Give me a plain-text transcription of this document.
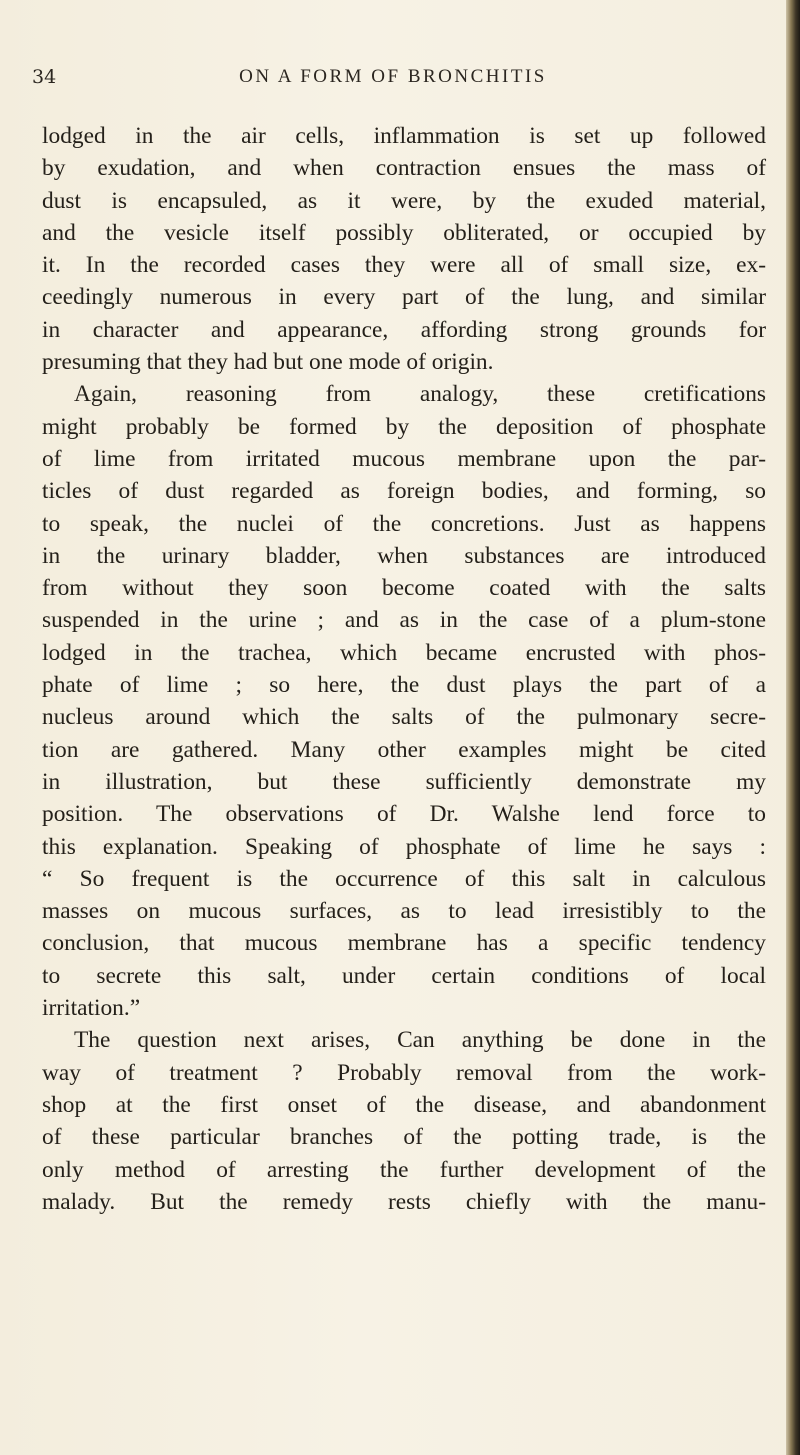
34	ON A FORM OF BRONCHITIS
lodged in the air cells, inflammation is set up followed
by exudation, and when contraction ensues the mass of
dust is encapsuled, as it were, by the exuded material,
and the vesicle itself possibly obliterated, or occupied by
it. In the recorded cases they were all of small size, ex-
ceedingly numerous in every part of the lung, and similar
in character and appearance, affording strong grounds for
presuming that they had but one mode of origin.
Again, reasoning from analogy, these cretifications
might probably be formed by the deposition of phosphate
of lime from irritated mucous membrane upon the par-
ticles of dust regarded as foreign bodies, and forming, so
to speak, the nuclei of the concretions. Just as happens
in the urinary bladder, when substances are introduced
from without they soon become coated with the salts
suspended in the urine ; and as in the case of a plum-stone
lodged in the trachea, which became encrusted with phos-
phate of lime ; so here, the dust plays the part of a
nucleus around which the salts of the pulmonary secre-
tion are gathered. Many other examples might be cited
in illustration, but these sufficiently demonstrate my
position. The observations of Dr. Walshe lend force to
this explanation. Speaking of phosphate of lime he says :
“ So frequent is the occurrence of this salt in calculous
masses on mucous surfaces, as to lead irresistibly to the
conclusion, that mucous membrane has a specific tendency
to secrete this salt, under certain conditions of local
irritation.”
The question next arises, Can anything be done in the
way of treatment ? Probably removal from the work-
shop at the first onset of the disease, and abandonment
of these particular branches of the potting trade, is the
only method of arresting the further development of the
malady. But the remedy rests chiefly with the manu-
